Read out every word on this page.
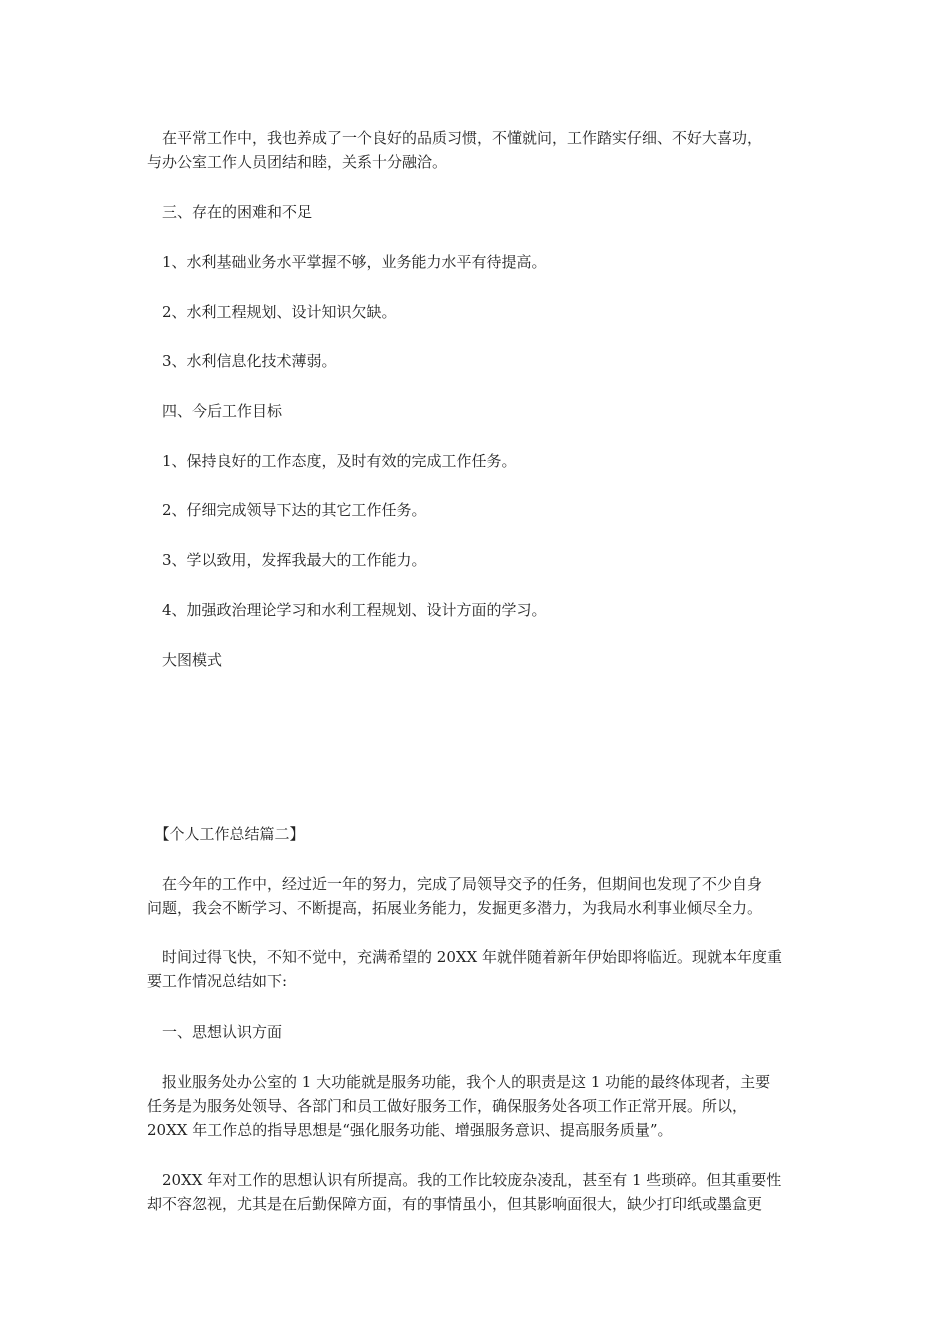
　在平常工作中，我也养成了一个良好的品质习惯，不懂就问，工作踏实仔细、不好大喜功，
与办公室工作人员团结和睦，关系十分融洽。

　三、存在的困难和不足

　1、水利基础业务水平掌握不够，业务能力水平有待提高。

　2、水利工程规划、设计知识欠缺。

　3、水利信息化技术薄弱。

　四、今后工作目标

　1、保持良好的工作态度，及时有效的完成工作任务。

　2、仔细完成领导下达的其它工作任务。

　3、学以致用，发挥我最大的工作能力。

　4、加强政治理论学习和水利工程规划、设计方面的学习。

　大图模式

　【个人工作总结篇二】

　在今年的工作中，经过近一年的努力，完成了局领导交予的任务，但期间也发现了不少自身
问题，我会不断学习、不断提高，拓展业务能力，发掘更多潜力，为我局水利事业倾尽全力。

　时间过得飞快，不知不觉中，充满希望的 20XX 年就伴随着新年伊始即将临近。现就本年度重
要工作情况总结如下:

　一、思想认识方面

　报业服务处办公室的 1 大功能就是服务功能，我个人的职责是这 1 功能的最终体现者，主要
任务是为服务处领导、各部门和员工做好服务工作，确保服务处各项工作正常开展。所以，
20XX 年工作总的指导思想是“强化服务功能、增强服务意识、提高服务质量”。

　20XX 年对工作的思想认识有所提高。我的工作比较庞杂凌乱，甚至有 1 些琐碎。但其重要性
却不容忽视，尤其是在后勤保障方面，有的事情虽小，但其影响面很大，缺少打印纸或墨盒更
